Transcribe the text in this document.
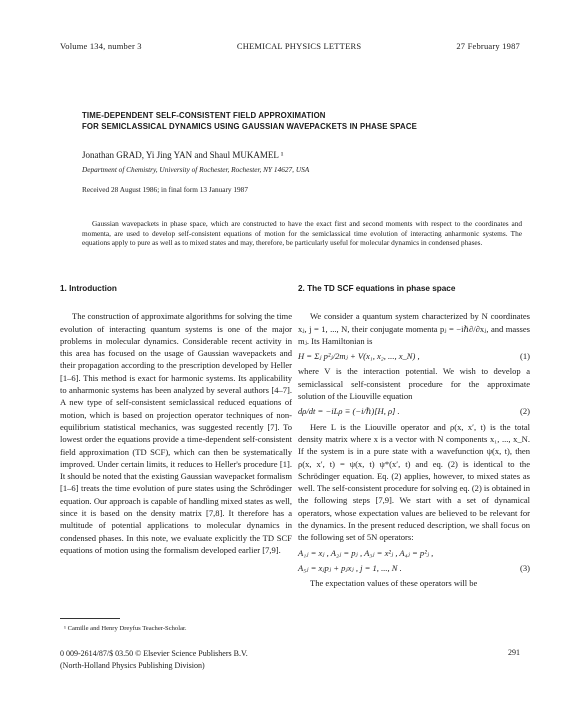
Volume 134, number 3	CHEMICAL PHYSICS LETTERS	27 February 1987
TIME-DEPENDENT SELF-CONSISTENT FIELD APPROXIMATION
FOR SEMICLASSICAL DYNAMICS USING GAUSSIAN WAVEPACKETS IN PHASE SPACE
Jonathan GRAD, Yi Jing YAN and Shaul MUKAMEL ¹
Department of Chemistry, University of Rochester, Rochester, NY 14627, USA
Received 28 August 1986; in final form 13 January 1987

Gaussian wavepackets in phase space, which are constructed to have the exact first and second moments with respect to the coordinates and momenta, are used to develop self-consistent equations of motion for the semiclassical time evolution of interacting anharmonic systems. The equations apply to pure as well as to mixed states and may, therefore, be particularly useful for molecular dynamics in condensed phases.

1. Introduction

The construction of approximate algorithms for solving the time evolution of interacting quantum systems is one of the major problems in molecular dynamics. Considerable recent activity in this area has focused on the usage of Gaussian wavepackets and their propagation according to the prescription developed by Heller [1–6]. This method is exact for harmonic systems. Its applicability to anharmonic systems has been analyzed by several authors [4–7]. A new type of self-consistent semiclassical reduced equations of motion, which is based on projection operator techniques of non-equilibrium statistical mechanics, was suggested recently [7]. To lowest order the equations provide a time-dependent self-consistent field approximation (TD SCF), which can then be systematically improved. Under certain limits, it reduces to Heller's procedure [1]. It should be noted that the existing Gaussian wavepacket formalism [1–6] treats the time evolution of pure states using the Schrödinger equation. Our approach is capable of handling mixed states as well, since it is based on the density matrix [7,8]. It therefore has a multitude of potential applications to molecular dynamics in condensed phases. In this note, we evaluate explicitly the TD SCF equations of motion using the formalism developed earlier [7,9].

2. The TD SCF equations in phase space

We consider a quantum system characterized by N coordinates xⱼ, j = 1, ..., N, their conjugate momenta pⱼ = −iℏ∂/∂xⱼ, and masses mⱼ. Its Hamiltonian is

H = Σⱼ p²ⱼ/2mⱼ + V(x₁, x₂, ..., x_N) ,	(1)

where V is the interaction potential. We wish to develop a semiclassical self-consistent procedure for the approximate solution of the Liouville equation

dρ/dt = −iLρ ≡ (−i/ℏ)[H, ρ] .	(2)

Here L is the Liouville operator and ρ(x, x′, t) is the total density matrix where x is a vector with N components x₁, ..., x_N. If the system is in a pure state with a wavefunction ψ(x, t), then ρ(x, x′, t) = ψ(x, t) ψ*(x′, t) and eq. (2) is identical to the Schrödinger equation. Eq. (2) applies, however, to mixed states as well. The self-consistent procedure for solving eq. (2) is obtained in the following steps [7,9]. We start with a set of dynamical operators, whose expectation values are believed to be relevant for the dynamics. In the present reduced description, we shall focus on the following set of 5N operators:

A₁ⱼ = xⱼ , A₂ⱼ = pⱼ , A₃ⱼ = x²ⱼ , A₄ⱼ = p²ⱼ ,
A₅ⱼ = xⱼpⱼ + pⱼxⱼ , j = 1, ..., N .	(3)

The expectation values of these operators will be

¹ Camille and Henry Dreyfus Teacher-Scholar.
0 009-2614/87/$ 03.50 © Elsevier Science Publishers B.V.
(North-Holland Physics Publishing Division)
291
